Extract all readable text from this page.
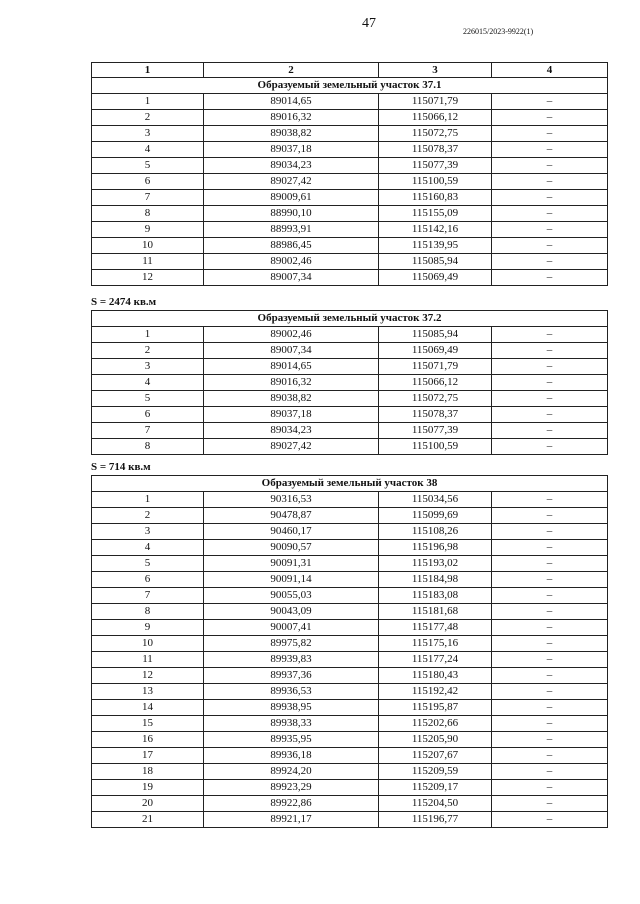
47
226015/2023-9922(1)
1	2	3	4
Образуемый земельный участок 37.1			
1	89014,65	115071,79	–
2	89016,32	115066,12	–
3	89038,82	115072,75	–
4	89037,18	115078,37	–
5	89034,23	115077,39	–
6	89027,42	115100,59	–
7	89009,61	115160,83	–
8	88990,10	115155,09	–
9	88993,91	115142,16	–
10	88986,45	115139,95	–
11	89002,46	115085,94	–
12	89007,34	115069,49	–
S = 2474 кв.м
Образуемый земельный участок 37.2			
1	89002,46	115085,94	–
2	89007,34	115069,49	–
3	89014,65	115071,79	–
4	89016,32	115066,12	–
5	89038,82	115072,75	–
6	89037,18	115078,37	–
7	89034,23	115077,39	–
8	89027,42	115100,59	–
S = 714 кв.м
Образуемый земельный участок 38			
1	90316,53	115034,56	–
2	90478,87	115099,69	–
3	90460,17	115108,26	–
4	90090,57	115196,98	–
5	90091,31	115193,02	–
6	90091,14	115184,98	–
7	90055,03	115183,08	–
8	90043,09	115181,68	–
9	90007,41	115177,48	–
10	89975,82	115175,16	–
11	89939,83	115177,24	–
12	89937,36	115180,43	–
13	89936,53	115192,42	–
14	89938,95	115195,87	–
15	89938,33	115202,66	–
16	89935,95	115205,90	–
17	89936,18	115207,67	–
18	89924,20	115209,59	–
19	89923,29	115209,17	–
20	89922,86	115204,50	–
21	89921,17	115196,77	–
